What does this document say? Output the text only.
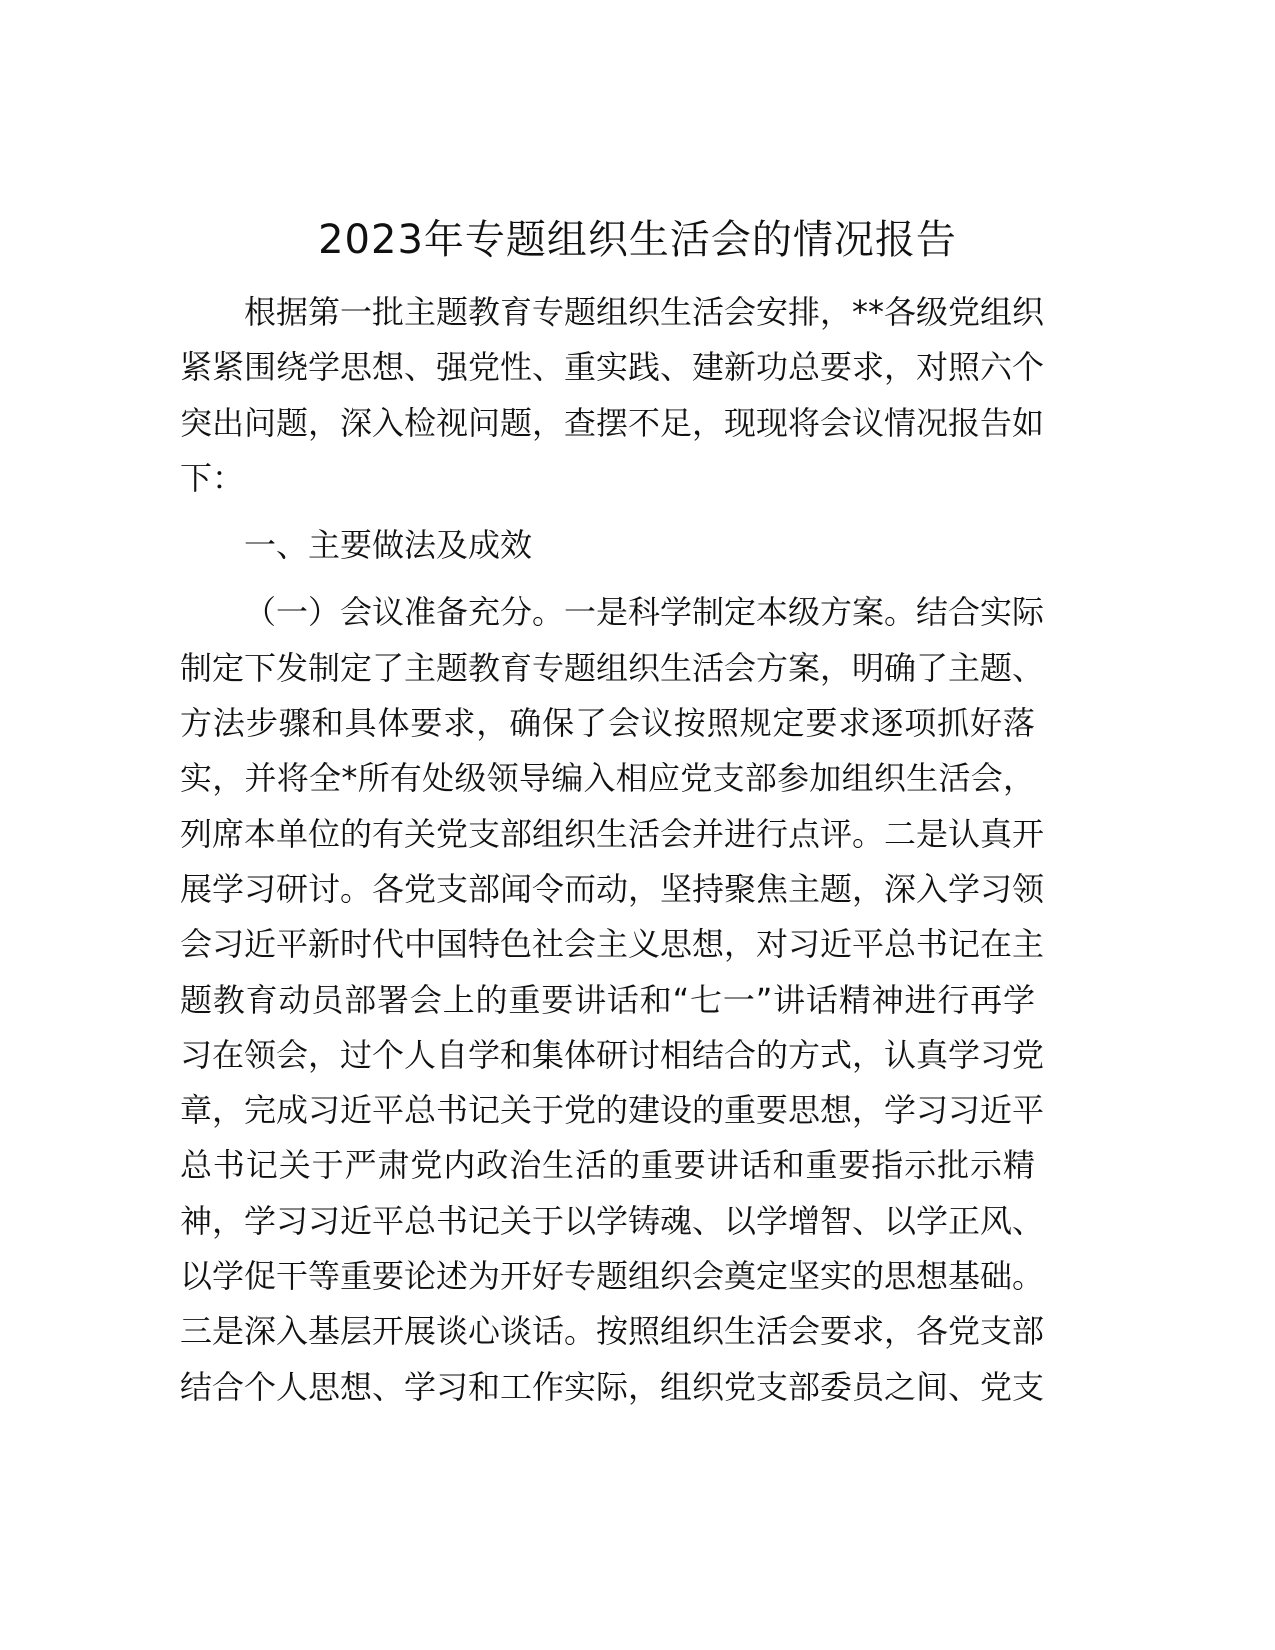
2023年专题组织生活会的情况报告
根据第一批主题教育专题组织生活会安排，**各级党组织
紧紧围绕学思想、强党性、重实践、建新功总要求，对照六个
突出问题，深入检视问题，查摆不足，现现将会议情况报告如
下：
一、主要做法及成效
（一）会议准备充分。一是科学制定本级方案。结合实际
制定下发制定了主题教育专题组织生活会方案，明确了主题、
方法步骤和具体要求，确保了会议按照规定要求逐项抓好落
实，并将全*所有处级领导编入相应党支部参加组织生活会，
列席本单位的有关党支部组织生活会并进行点评。二是认真开
展学习研讨。各党支部闻令而动，坚持聚焦主题，深入学习领
会习近平新时代中国特色社会主义思想，对习近平总书记在主
题教育动员部署会上的重要讲话和“七一”讲话精神进行再学
习在领会，过个人自学和集体研讨相结合的方式，认真学习党
章，完成习近平总书记关于党的建设的重要思想，学习习近平
总书记关于严肃党内政治生活的重要讲话和重要指示批示精
神，学习习近平总书记关于以学铸魂、以学增智、以学正风、
以学促干等重要论述为开好专题组织会奠定坚实的思想基础。
三是深入基层开展谈心谈话。按照组织生活会要求，各党支部
结合个人思想、学习和工作实际，组织党支部委员之间、党支
